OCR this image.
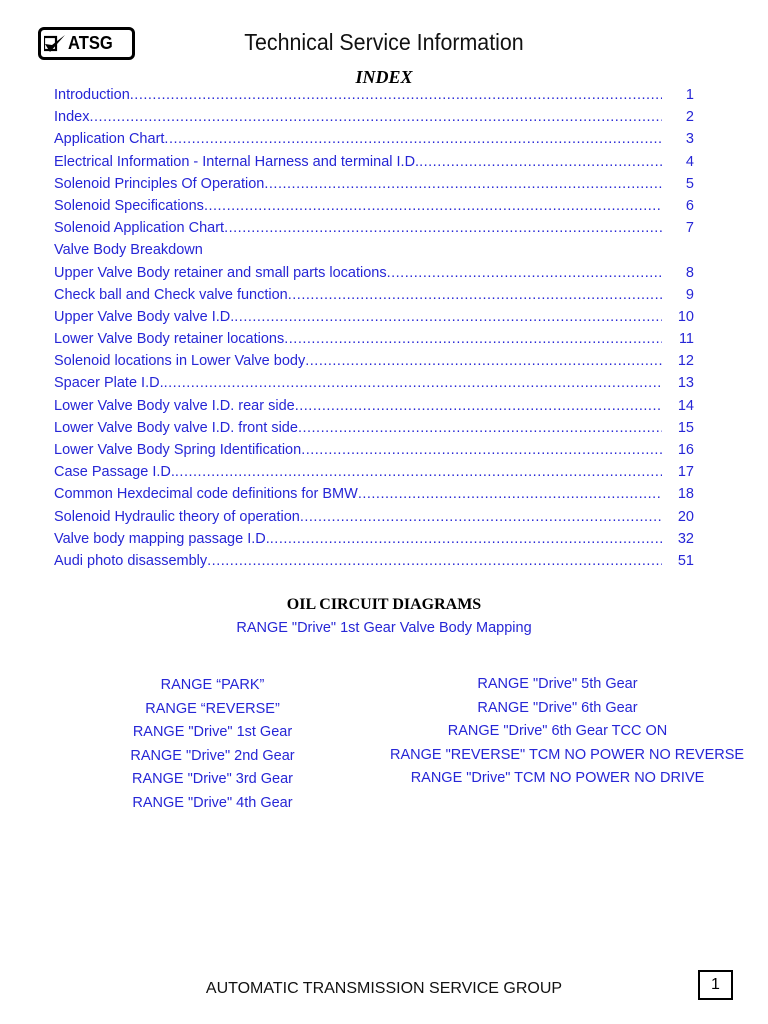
ATSG	Technical Service Information
INDEX
Introduction .....	1
Index .....	2
Application Chart .....	3
Electrical Information - Internal Harness and terminal I.D. .....	4
Solenoid Principles Of Operation .....	5
Solenoid Specifications .....	6
Solenoid Application Chart .....	7
Valve Body Breakdown
Upper Valve Body retainer and small parts locations .....	8
Check ball and Check valve function .....	9
Upper Valve Body valve I.D. .....	10
Lower Valve Body retainer locations .....	11
Solenoid locations in Lower Valve body .....	12
Spacer Plate I.D. .....	13
Lower Valve Body valve I.D. rear side .....	14
Lower Valve Body valve I.D. front side .....	15
Lower Valve Body Spring Identification .....	16
Case Passage I.D. .....	17
Common Hexdecimal code definitions for BMW .....	18
Solenoid Hydraulic theory of operation .....	20
Valve body mapping passage I.D. .....	32
Audi photo disassembly .....	51
OIL CIRCUIT DIAGRAMS
RANGE "Drive" 1st Gear Valve Body Mapping
RANGE “PARK”
RANGE “REVERSE”
RANGE "Drive" 1st Gear
RANGE "Drive" 2nd Gear
RANGE "Drive" 3rd Gear
RANGE "Drive" 4th Gear
RANGE "Drive" 5th Gear
RANGE "Drive" 6th Gear
RANGE "Drive" 6th Gear TCC ON
RANGE "REVERSE" TCM NO POWER NO REVERSE
RANGE "Drive" TCM NO POWER NO DRIVE
AUTOMATIC TRANSMISSION SERVICE GROUP	1
